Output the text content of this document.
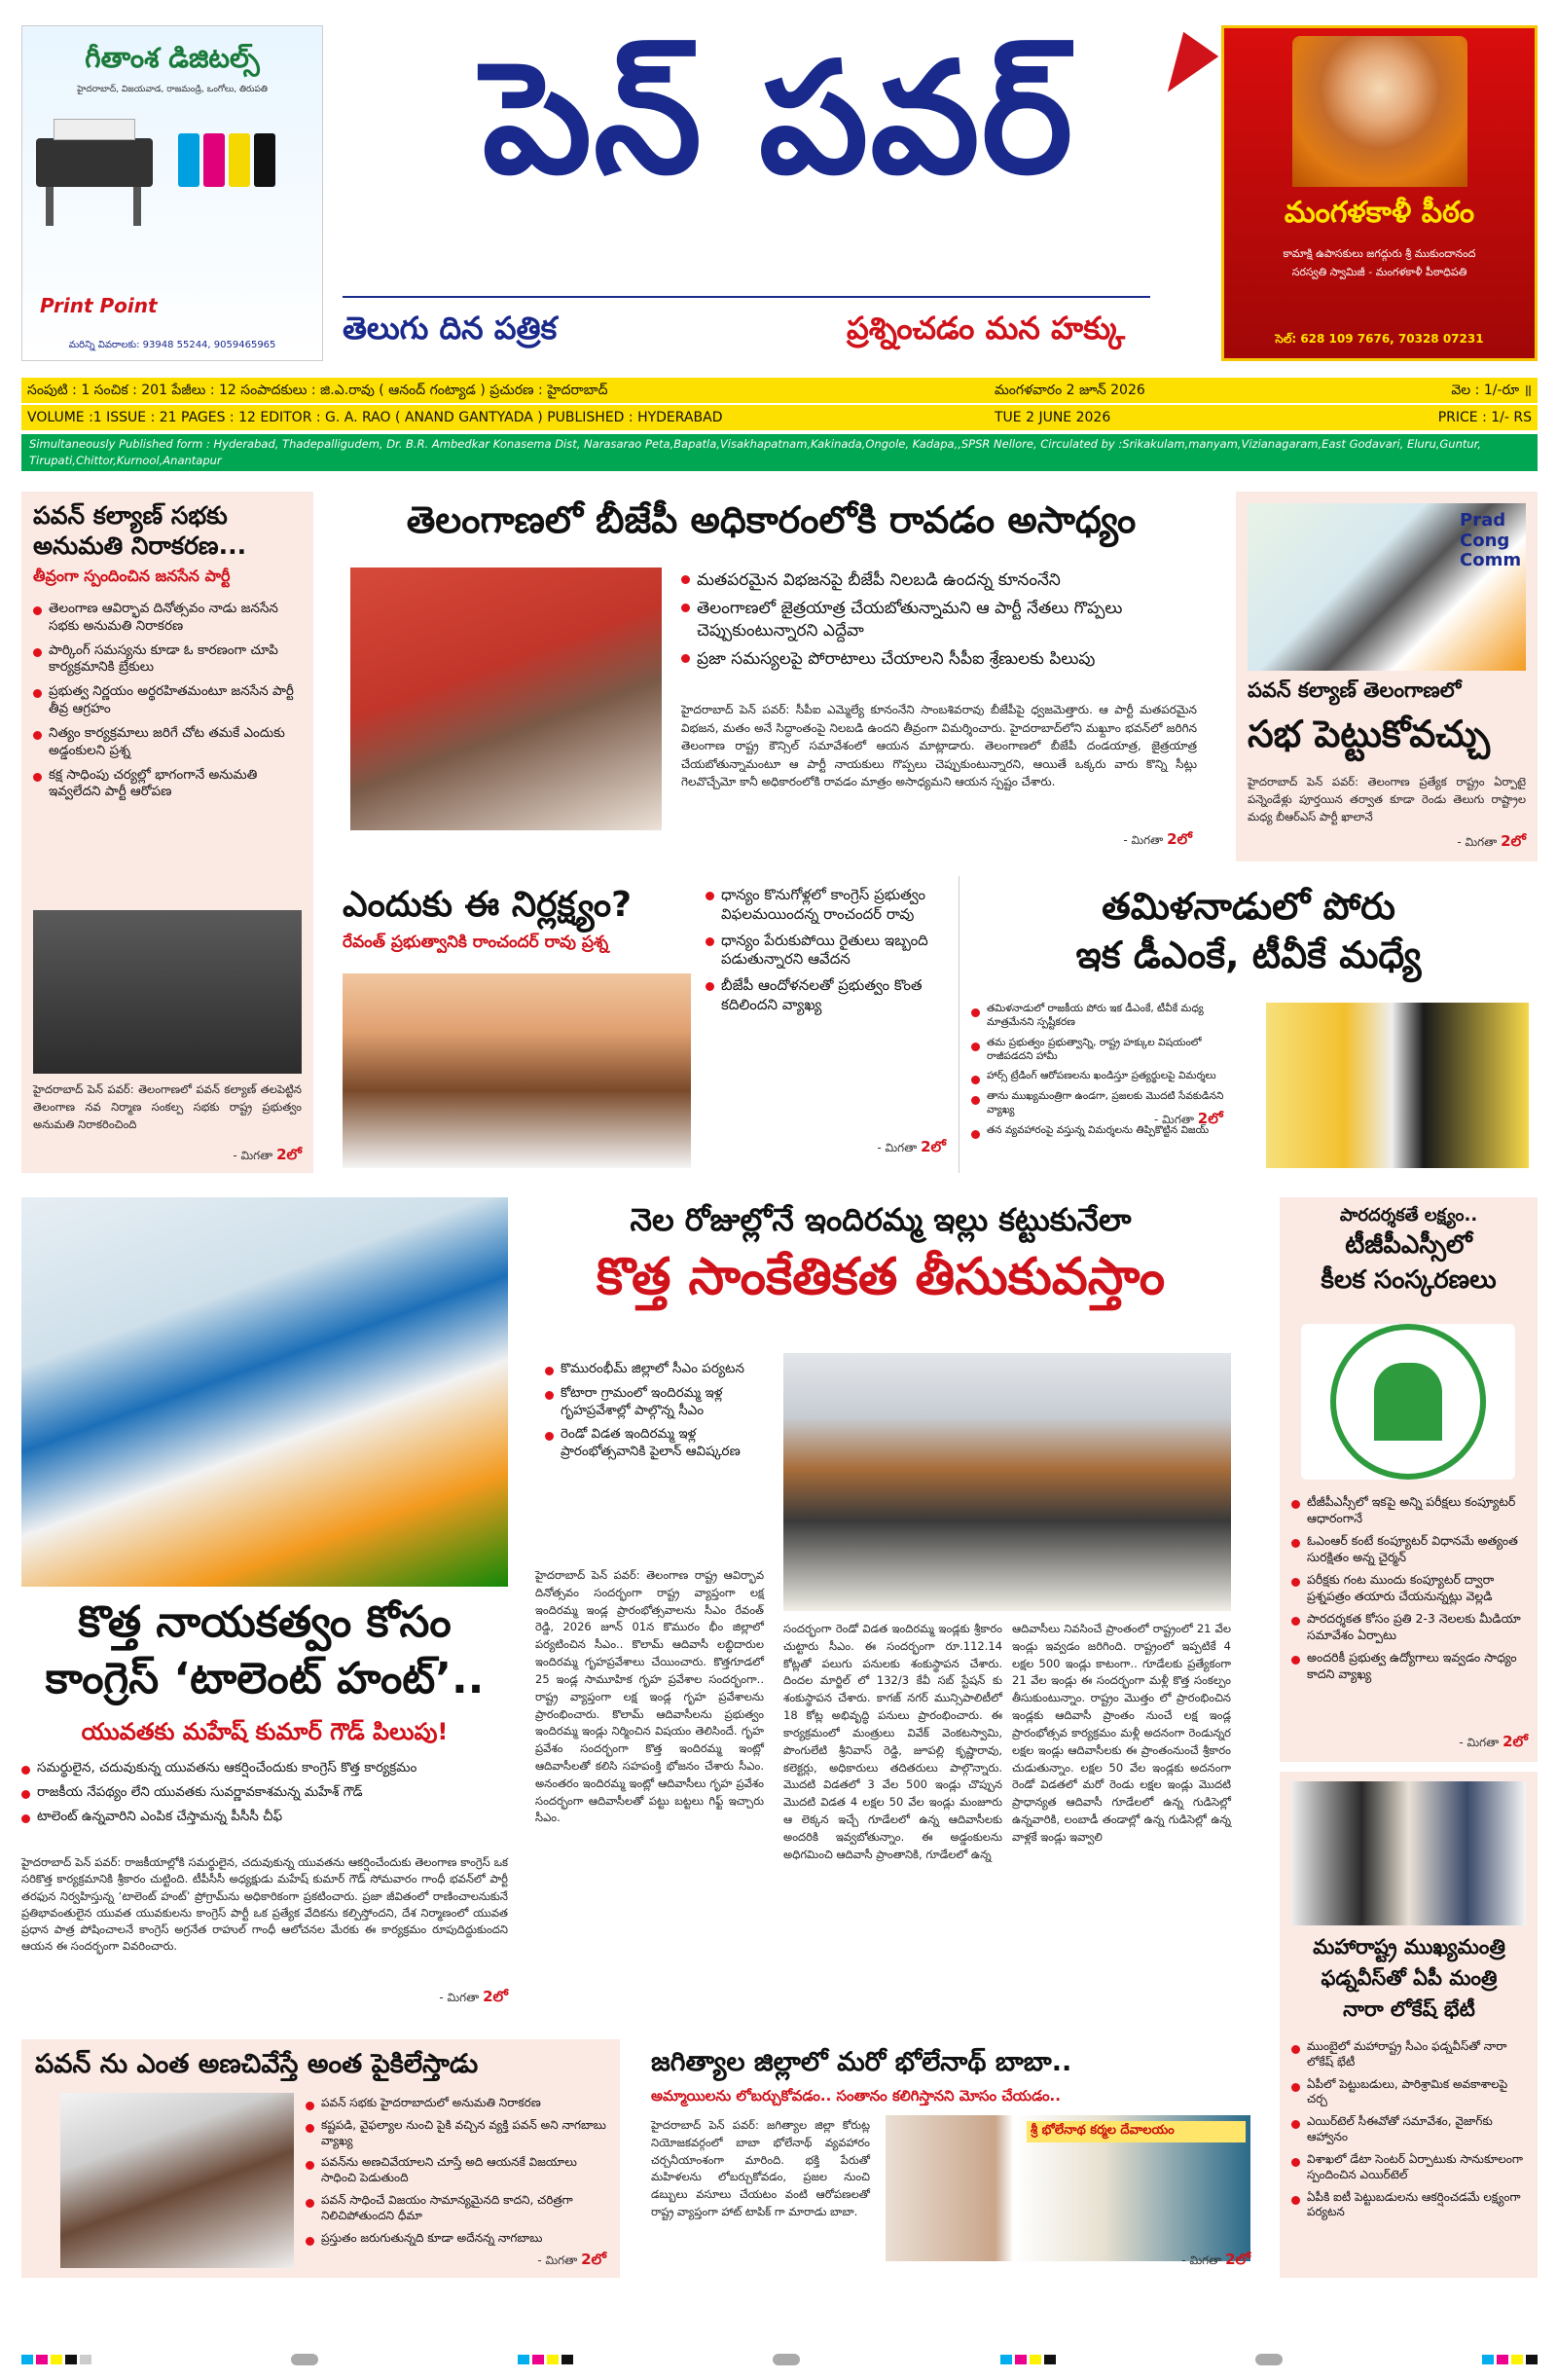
గీతాంశ డిజిటల్స్
హైదరాబాద్, విజయవాడ, రాజమండ్రి, ఒంగోలు, తిరుపతి
Print Point
మరిన్ని వివరాలకు: 93948 55244, 9059465965
పెన్ పవర్
తెలుగు దిన పత్రిక	ప్రశ్నించడం మన హక్కు
మంగళకాళీ పీఠం
కామాక్షి ఉపాసకులు జగద్గురు శ్రీ ముకుందానంద
సరస్వతి స్వామిజీ - మంగళకాళీ పీఠాధిపతి
సెల్: 628 109 7676, 70328 07231
సంపుటి : 1 సంచిక : 201 పేజీలు : 12 సంపాదకులు : జి.ఎ.రావు ( ఆనంద్ గంట్యాడ ) ప్రచురణ : హైదరాబాద్	మంగళవారం 2 జూన్ 2026	వెల : 1/-రూ ॥
VOLUME :1 ISSUE : 21 PAGES : 12 EDITOR : G. A. RAO ( ANAND GANTYADA ) PUBLISHED : HYDERABAD	TUE 2 JUNE 2026	PRICE : 1/- RS
Simultaneously Published form : Hyderabad, Thadepalligudem, Dr. B.R. Ambedkar Konasema Dist, Narasarao Peta,Bapatla,Visakhapatnam,Kakinada,Ongole, Kadapa,,SPSR Nellore, Circulated by :Srikakulam,manyam,Vizianagaram,East Godavari, Eluru,Guntur, Tirupati,Chittor,Kurnool,Anantapur
పవన్ కల్యాణ్ సభకు అనుమతి నిరాకరణ...
తీవ్రంగా స్పందించిన జనసేన పార్టీ
తెలంగాణ ఆవిర్భావ దినోత్సవం నాడు జనసేన సభకు అనుమతి నిరాకరణ
పార్కింగ్ సమస్యను కూడా ఓ కారణంగా చూపి కార్యక్రమానికి బ్రేకులు
ప్రభుత్వ నిర్ణయం అర్థరహితమంటూ జనసేన పార్టీ తీవ్ర ఆగ్రహం
నిత్యం కార్యక్రమాలు జరిగే చోట తమకే ఎందుకు అడ్డంకులని ప్రశ్న
కక్ష సాధింపు చర్యల్లో భాగంగానే అనుమతి ఇవ్వలేదని పార్టీ ఆరోపణ
హైదరాబాద్ పెన్ పవర్: తెలంగాణలో పవన్ కల్యాణ్ తలపెట్టిన తెలంగాణ నవ నిర్మాణ సంకల్ప సభకు రాష్ట్ర ప్రభుత్వం అనుమతి నిరాకరించింది
- మిగతా 2లో
తెలంగాణలో బీజేపీ అధికారంలోకి రావడం అసాధ్యం
మతపరమైన విభజనపై బీజేపీ నిలబడి ఉందన్న కూనంనేని
తెలంగాణలో జైత్రయాత్ర చేయబోతున్నామని ఆ పార్టీ నేతలు గొప్పలు చెప్పుకుంటున్నారని ఎద్దేవా
ప్రజా సమస్యలపై పోరాటాలు చేయాలని సీపీఐ శ్రేణులకు పిలుపు
హైదరాబాద్ పెన్ పవర్: సీపీఐ ఎమ్మెల్యే కూనంనేని సాంబశివరావు బీజేపీపై ధ్వజమెత్తారు. ఆ పార్టీ మతపరమైన విభజన, మతం అనే సిద్ధాంతంపై నిలబడి ఉందని తీవ్రంగా విమర్శించారు. హైదరాబాద్‌లోని మఖ్దూం భవన్‌లో జరిగిన తెలంగాణ రాష్ట్ర కౌన్సిల్ సమావేశంలో ఆయన మాట్లాడారు. తెలంగాణలో బీజేపీ దండయాత్ర, జైత్రయాత్ర చేయబోతున్నామంటూ ఆ పార్టీ నాయకులు గొప్పలు చెప్పుకుంటున్నారని, ఆయితే ఒక్కరు వారు కొన్ని సీట్లు గెలవొచ్చేమో కానీ అధికారంలోకి రావడం మాత్రం అసాధ్యమని ఆయన స్పష్టం చేశారు.
- మిగతా 2లో
Prad
Cong
Comm
పవన్ కల్యాణ్ తెలంగాణలో
సభ పెట్టుకోవచ్చు
హైదరాబాద్ పెన్ పవర్: తెలంగాణ ప్రత్యేక రాష్ట్రం ఏర్పాటై పన్నెండేళ్లు పూర్తయిన తర్వాత కూడా రెండు తెలుగు రాష్ట్రాల మధ్య బీఆర్ఎస్ పార్టీ ఖాలానే
- మిగతా 2లో
ఎందుకు ఈ నిర్లక్ష్యం?
రేవంత్ ప్రభుత్వానికి రాంచందర్ రావు ప్రశ్న
ధాన్యం కొనుగోళ్లలో కాంగ్రెస్ ప్రభుత్వం విఫలమయిందన్న రాంచందర్ రావు
ధాన్యం పేరుకుపోయి రైతులు ఇబ్బంది పడుతున్నారని ఆవేదన
బీజేపీ ఆందోళనలతో ప్రభుత్వం కొంత కదిలిందని వ్యాఖ్య
- మిగతా 2లో
తమిళనాడులో పోరు
ఇక డీఎంకే, టీవీకే మధ్యే
తమిళనాడులో రాజకీయ పోరు ఇక డీఎంకే, టీవీకే మధ్య మాత్రమేనని స్పష్టీకరణ
తమ ప్రభుత్వం ప్రభుత్వాన్ని, రాష్ట్ర హక్కుల విషయంలో రాజీపడదని హామీ
హార్స్ ట్రేడింగ్ ఆరోపణలను ఖండిస్తూ ప్రత్యర్థులపై విమర్శలు
తాను ముఖ్యమంత్రిగా ఉండగా, ప్రజలకు మొదటి సేవకుడినని వ్యాఖ్య
తన వ్యవహారంపై వస్తున్న విమర్శలను తిప్పికొట్టిన విజయ్
- మిగతా 2లో
కొత్త నాయకత్వం కోసం
కాంగ్రెస్ ‘టాలెంట్ హంట్’..
యువతకు మహేష్ కుమార్ గౌడ్ పిలుపు!
సమర్థులైన, చదువుకున్న యువతను ఆకర్షించేందుకు కాంగ్రెస్ కొత్త కార్యక్రమం
రాజకీయ నేపథ్యం లేని యువతకు సువర్ణావకాశమన్న మహేశ్ గౌడ్
టాలెంట్ ఉన్నవారిని ఎంపిక చేస్తామన్న పీసీసీ చీఫ్
హైదరాబాద్ పెన్ పవర్: రాజకీయాల్లోకి సమర్థులైన, చదువుకున్న యువతను ఆకర్షించేందుకు తెలంగాణ కాంగ్రెస్ ఒక సరికొత్త కార్యక్రమానికి శ్రీకారం చుట్టింది. టీపీసీసీ అధ్యక్షుడు మహేష్ కుమార్ గౌడ్ సోమవారం గాంధీ భవన్‌లో పార్టీ తరఫున నిర్వహిస్తున్న ‘టాలెంట్ హంట్’ ప్రోగ్రామ్‌ను అధికారికంగా ప్రకటించారు. ప్రజా జీవితంలో రాణించాలనుకునే ప్రతిభావంతులైన యువత యువకులను కాంగ్రెస్ పార్టీ ఒక ప్రత్యేక వేదికను కల్పిస్తోందని, దేశ నిర్మాణంలో యువత ప్రధాన పాత్ర పోషించాలనే కాంగ్రెస్ అగ్రనేత రాహుల్ గాంధీ ఆలోచనల మేరకు ఈ కార్యక్రమం రూపుదిద్దుకుందని ఆయన ఈ సందర్భంగా వివరించారు.
- మిగతా 2లో
నెల రోజుల్లోనే ఇందిరమ్మ ఇల్లు కట్టుకునేలా
కొత్త సాంకేతికత తీసుకువస్తాం
కొమురంభీమ్ జిల్లాలో సీఎం పర్యటన
కోటారా గ్రామంలో ఇందిరమ్మ ఇళ్ల గృహప్రవేశాల్లో పాల్గొన్న సీఎం
రెండో విడత ఇందిరమ్మ ఇళ్ల ప్రారంభోత్సవానికి పైలాన్ ఆవిష్కరణ
హైదరాబాద్ పెన్ పవర్: తెలంగాణ రాష్ట్ర ఆవిర్భావ దినోత్సవం సందర్భంగా రాష్ట్ర వ్యాప్తంగా లక్ష ఇందిరమ్మ ఇండ్ల ప్రారంభోత్సవాలను సీఎం రేవంత్ రెడ్డి, 2026 జూన్ 01న కొమురం భీం జిల్లాలో పర్యటించిన సీఎం.. కొలామ్ ఆదివాసీ లబ్ధిదారుల ఇందిరమ్మ గృహప్రవేశాలు చేయించారు. కొత్తగూడలో 25 ఇండ్ల సామూహిక గృహ ప్రవేశాల సందర్భంగా.. రాష్ట్ర వ్యాప్తంగా లక్ష ఇండ్ల గృహ ప్రవేశాలను ప్రారంభించారు. కొలామ్ ఆదివాసీలను ప్రభుత్వం ఇందిరమ్మ ఇండ్లు నిర్మించిన విషయం తెలిసిందే. గృహ ప్రవేశం సందర్భంగా కొత్త ఇందిరమ్మ ఇంట్లో ఆదివాసీలతో కలిసి సహపంక్తి భోజనం చేశారు సీఎం. అనంతరం ఇందిరమ్మ ఇంట్లో ఆదివాసీలు గృహ ప్రవేశం సందర్భంగా ఆదివాసీలతో పట్టు బట్టలు గిఫ్ట్ ఇచ్చారు సీఎం.
సందర్భంగా రెండో విడత ఇందిరమ్మ ఇండ్లకు శ్రీకారం చుట్టారు సీఎం. ఈ సందర్భంగా రూ.112.14 కోట్లతో పలుగు పనులకు శంకుస్థాపన చేశారు. దిందల మార్జిల్ లో 132/3 కేవీ సబ్ స్టేషన్ కు శంకుస్థాపన చేశారు. కాగజ్ నగర్ మున్సిపాలిటీలో 18 కోట్ల అభివృద్ధి పనులు ప్రారంభించారు. ఈ కార్యక్రమంలో మంత్రులు వివేక్ వెంకటస్వామి, పొంగులేటి శ్రీనివాస్ రెడ్డి, జూపల్లి కృష్ణారావు, కలెక్టర్లు, అధికారులు తదితరులు పాల్గొన్నారు. మొదటి విడతలో 3 వేల 500 ఇండ్లు చొప్పున మొదటి విడత 4 లక్షల 50 వేల ఇండ్లు మంజూరు ఆ లెక్కన ఇచ్చే గూడేలలో ఉన్న ఆదివాసీలకు అందరికి ఇవ్వబోతున్నాం. ఈ అడ్డంకులను అధిగమించి ఆదివాసీ ప్రాంతానికి, గూడేలలో ఉన్న
ఆదివాసీలు నివసించే ప్రాంతంలో రాష్ట్రంలో 21 వేల ఇండ్లు ఇవ్వడం జరిగింది. రాష్ట్రంలో ఇప్పటికే 4 లక్షల 500 ఇండ్లు కాటంగా.. గూడేలకు ప్రత్యేకంగా 21 వేల ఇండ్లు ఈ సందర్భంగా మళ్లీ కొత్త సంకల్పం తీసుకుంటున్నాం. రాష్ట్రం మొత్తం లో ప్రారంభించిన ఇండ్లకు ఆదివాసీ ప్రాంతం నుంచే లక్ష ఇండ్ల ప్రారంభోత్సవ కార్యక్రమం మళ్లీ అదనంగా రెండున్నర లక్షల ఇండ్లు ఆదివాసీలకు ఈ ప్రాంతంనుంచే శ్రీకారం చుడుతున్నాం. లక్షల 50 వేల ఇండ్లకు అదనంగా రెండో విడతలో మరో రెండు లక్షల ఇండ్లు మొదటి ప్రాధాన్యత ఆదివాసీ గూడేలలో ఉన్న గుడిసెల్లో ఉన్నవారికి, లంబాడీ తండాల్లో ఉన్న గుడిసెల్లో ఉన్న వాళ్లకే ఇండ్లు ఇవ్వాలి
పారదర్శకతే లక్ష్యం..
టీజీపీఎస్సీలో
కీలక సంస్కరణలు
టీజీపీఎస్సీలో ఇకపై అన్ని పరీక్షలు కంప్యూటర్ ఆధారంగానే
ఓఎంఆర్ కంటే కంప్యూటర్ విధానమే అత్యంత సురక్షితం అన్న చైర్మన్
పరీక్షకు గంట ముందు కంప్యూటర్ ద్వారా ప్రశ్నపత్రం తయారు చేయనున్నట్లు వెల్లడి
పారదర్శకత కోసం ప్రతి 2-3 నెలలకు మీడియా సమావేశం ఏర్పాటు
అందరికీ ప్రభుత్వ ఉద్యోగాలు ఇవ్వడం సాధ్యం కాదని వ్యాఖ్య
- మిగతా 2లో
మహారాష్ట్ర ముఖ్యమంత్రి
ఫడ్నవీస్‌తో ఏపీ మంత్రి
నారా లోకేష్ భేటీ
ముంబైలో మహారాష్ట్ర సీఎం ఫడ్నవీస్‌తో నారా లోకేష్ భేటీ
ఏపీలో పెట్టుబడులు, పారిశ్రామిక అవకాశాలపై చర్చ
ఎయిర్‌టెల్ సీఈవోతో సమావేశం, వైజాగ్‌కు ఆహ్వానం
విశాఖలో డేటా సెంటర్ ఏర్పాటుకు సానుకూలంగా స్పందించిన ఎయిర్‌టెల్
ఏపీకి ఐటీ పెట్టుబడులను ఆకర్షించడమే లక్ష్యంగా పర్యటన
పవన్ ను ఎంత అణచివేస్తే అంత పైకిలేస్తాడు
పవన్ సభకు హైదరాబాదులో అనుమతి నిరాకరణ
కష్టపడి, వైఫల్యాల నుంచి పైకి వచ్చిన వ్యక్తి పవన్ అని నాగబాబు వ్యాఖ్య
పవన్‌ను అణచివేయాలని చూస్తే అది ఆయనకే విజయాలు సాధించి పెడుతుంది
పవన్ సాధించే విజయం సామాన్యమైనది కాదని, చరిత్రగా నిలిచిపోతుందని ధీమా
ప్రస్తుతం జరుగుతున్నది కూడా అదేనన్న నాగబాబు
- మిగతా 2లో
జగిత్యాల జిల్లాలో మరో భోలేనాథ్ బాబా..
అమ్మాయిలను లోబర్చుకోవడం.. సంతానం కలిగిస్తానని మోసం చేయడం..
హైదరాబాద్ పెన్ పవర్: జగిత్యాల జిల్లా కోరుట్ల నియోజకవర్గంలో బాబా భోలేనాథ్ వ్యవహారం చర్చనీయాంశంగా మారింది. భక్తి పేరుతో మహిళలను లోబర్చుకోవడం, ప్రజల నుంచి డబ్బులు వసూలు చేయటం వంటి ఆరోపణలతో రాష్ట్ర వ్యాప్తంగా హాట్ టాపిక్ గా మారాడు బాబా.
శ్రీ భోలేనాథ కర్మల దేవాలయం
- మిగతా 2లో
